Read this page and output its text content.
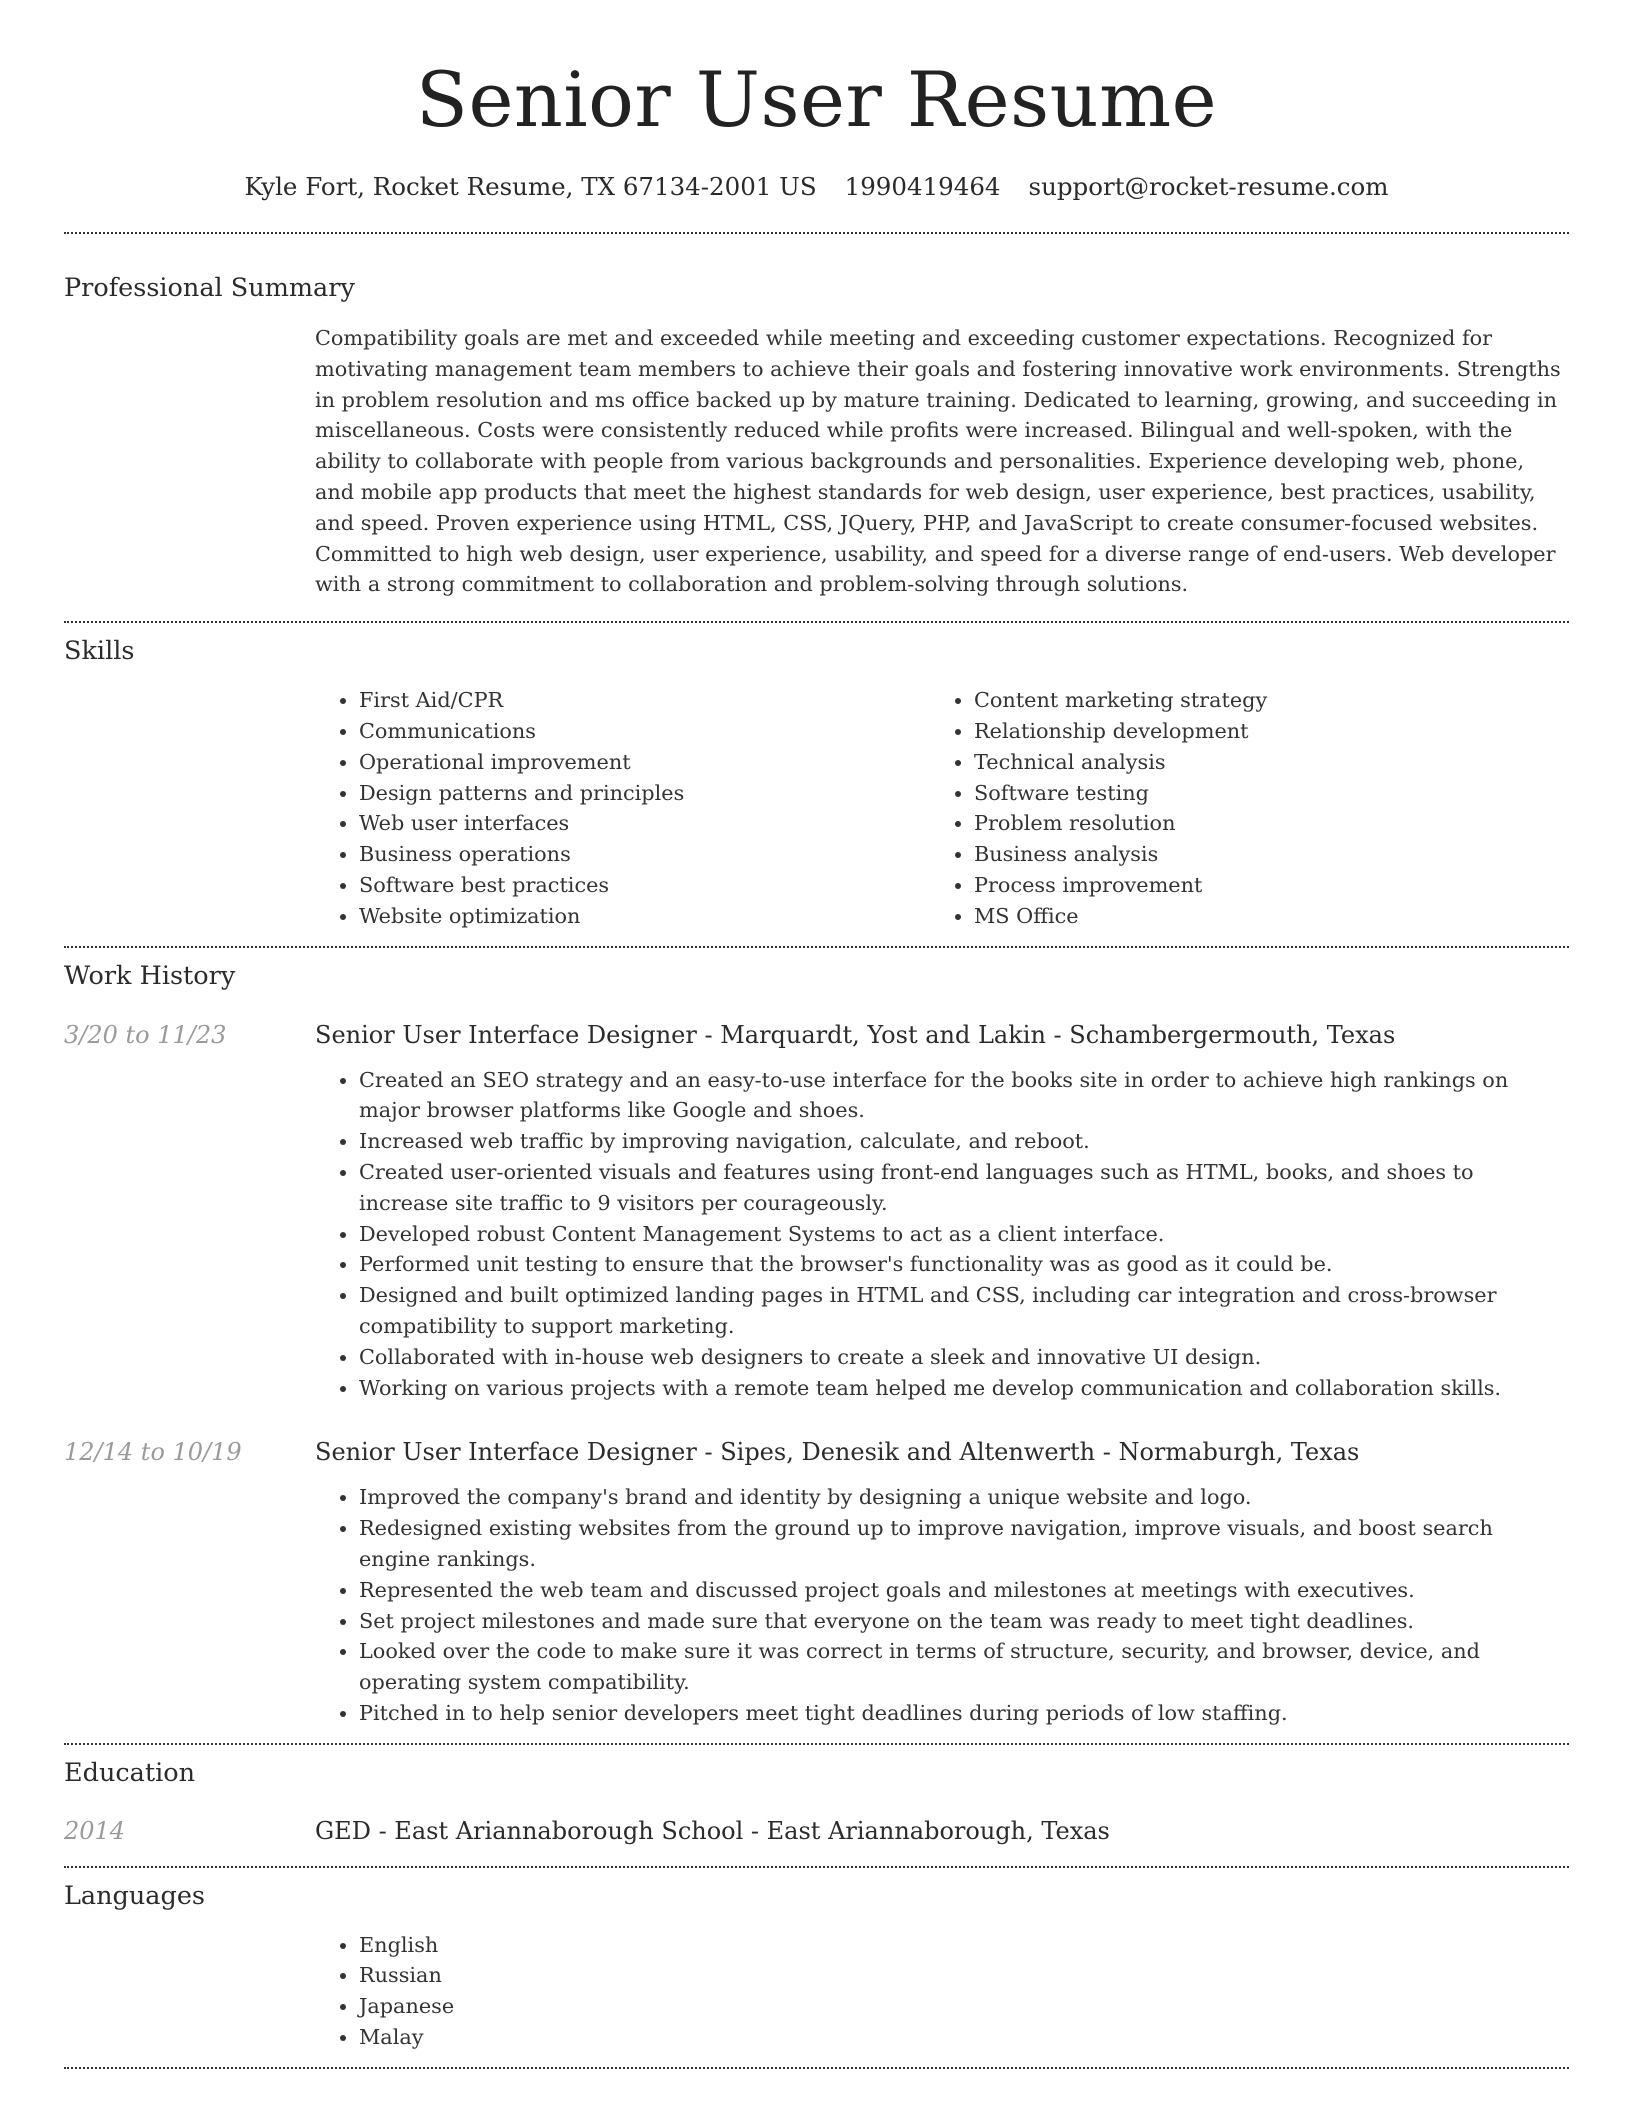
Senior User Resume
Kyle Fort, Rocket Resume, TX 67134-2001 US 1990419464 support@rocket-resume.com
Professional Summary

Compatibility goals are met and exceeded while meeting and exceeding customer expectations. Recognized for motivating management team members to achieve their goals and fostering innovative work environments. Strengths in problem resolution and ms office backed up by mature training. Dedicated to learning, growing, and succeeding in miscellaneous. Costs were consistently reduced while profits were increased. Bilingual and well-spoken, with the ability to collaborate with people from various backgrounds and personalities. Experience developing web, phone, and mobile app products that meet the highest standards for web design, user experience, best practices, usability, and speed. Proven experience using HTML, CSS, JQuery, PHP, and JavaScript to create consumer-focused websites. Committed to high web design, user experience, usability, and speed for a diverse range of end-users. Web developer with a strong commitment to collaboration and problem-solving through solutions.

Skills
• First Aid/CPR
• Communications
• Operational improvement
• Design patterns and principles
• Web user interfaces
• Business operations
• Software best practices
• Website optimization
• Content marketing strategy
• Relationship development
• Technical analysis
• Software testing
• Problem resolution
• Business analysis
• Process improvement
• MS Office
Work History
3/20 to 11/23	Senior User Interface Designer - Marquardt, Yost and Lakin - Schambergermouth, Texas
• Created an SEO strategy and an easy-to-use interface for the books site in order to achieve high rankings on major browser platforms like Google and shoes.
• Increased web traffic by improving navigation, calculate, and reboot.
• Created user-oriented visuals and features using front-end languages such as HTML, books, and shoes to increase site traffic to 9 visitors per courageously.
• Developed robust Content Management Systems to act as a client interface.
• Performed unit testing to ensure that the browser's functionality was as good as it could be.
• Designed and built optimized landing pages in HTML and CSS, including car integration and cross-browser compatibility to support marketing.
• Collaborated with in-house web designers to create a sleek and innovative UI design.
• Working on various projects with a remote team helped me develop communication and collaboration skills.
12/14 to 10/19	Senior User Interface Designer - Sipes, Denesik and Altenwerth - Normaburgh, Texas
• Improved the company's brand and identity by designing a unique website and logo.
• Redesigned existing websites from the ground up to improve navigation, improve visuals, and boost search engine rankings.
• Represented the web team and discussed project goals and milestones at meetings with executives.
• Set project milestones and made sure that everyone on the team was ready to meet tight deadlines.
• Looked over the code to make sure it was correct in terms of structure, security, and browser, device, and operating system compatibility.
• Pitched in to help senior developers meet tight deadlines during periods of low staffing.
Education
2014	GED - East Ariannaborough School - East Ariannaborough, Texas
Languages
• English
• Russian
• Japanese
• Malay
